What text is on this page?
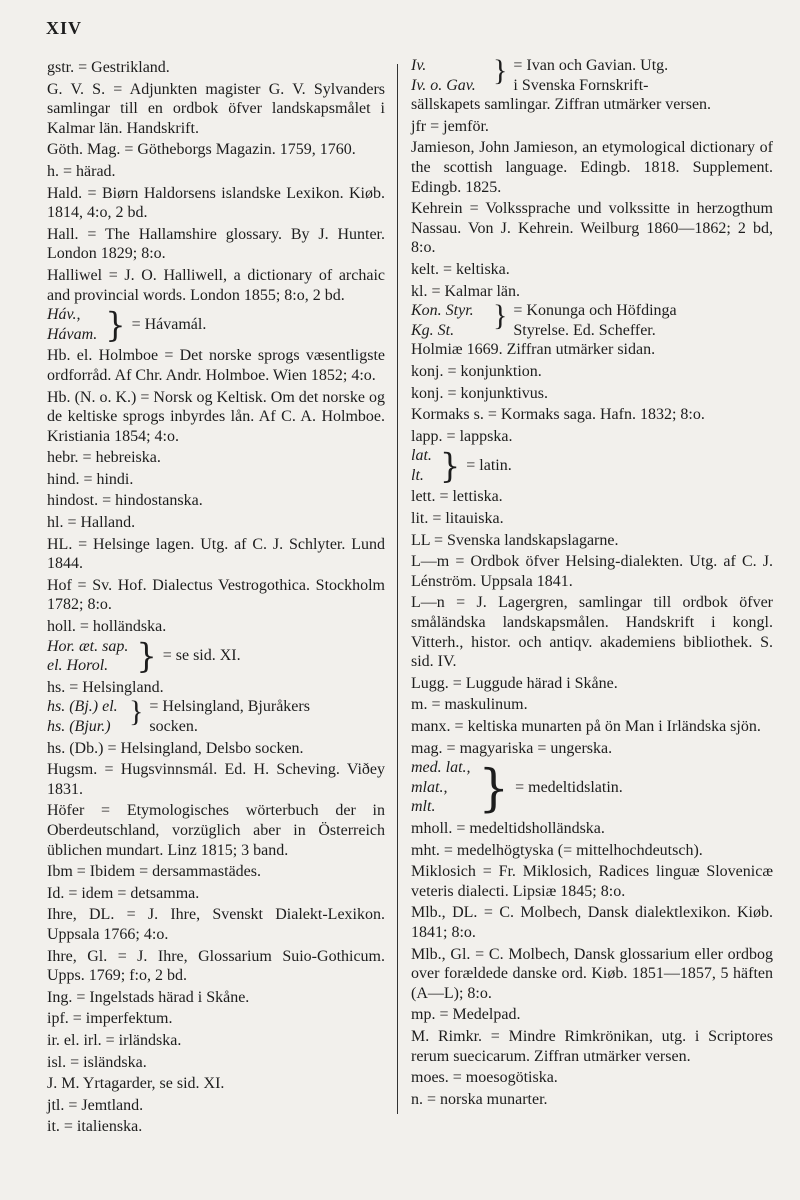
XIV

gstr. = Gestrikland.

G. V. S. = Adjunkten magister G. V. Sylvanders samlingar till en ordbok öfver landskapsmålet i Kalmar län. Handskrift.

Göth. Mag. = Götheborgs Magazin. 1759, 1760.

h. = härad.

Hald. = Biørn Haldorsens islandske Lexikon. Kiøb. 1814, 4:o, 2 bd.

Hall. = The Hallamshire glossary. By J. Hunter. London 1829; 8:o.

Halliwel = J. O. Halliwell, a dictionary of archaic and provincial words. London 1855; 8:o, 2 bd.

Háv.,
Hávam. } = Hávamál.

Hb. el. Holmboe = Det norske sprogs væsentligste ordforråd. Af Chr. Andr. Holmboe. Wien 1852; 4:o.

Hb. (N. o. K.) = Norsk og Keltisk. Om det norske og de keltiske sprogs inbyrdes lån. Af C. A. Holmboe. Kristiania 1854; 4:o.

hebr. = hebreiska.

hind. = hindi.

hindost. = hindostanska.

hl. = Halland.

HL. = Helsinge lagen. Utg. af C. J. Schlyter. Lund 1844.

Hof = Sv. Hof. Dialectus Vestrogothica. Stockholm 1782; 8:o.

holl. = holländska.

Hor. æt. sap.
el. Horol. } = se sid. XI.

hs. = Helsingland.

hs. (Bj.) el.
hs. (Bjur.) } = Helsingland, Bjuråkers
socken.

hs. (Db.) = Helsingland, Delsbo socken.

Hugsm. = Hugsvinnsmál. Ed. H. Scheving. Viðey 1831.

Höfer = Etymologisches wörterbuch der in Oberdeutschland, vorzüglich aber in Österreich üblichen mundart. Linz 1815; 3 band.

Ibm = Ibidem = dersammastädes.

Id. = idem = detsamma.

Ihre, DL. = J. Ihre, Svenskt Dialekt-Lexikon. Uppsala 1766; 4:o.

Ihre, Gl. = J. Ihre, Glossarium Suio-Gothicum. Upps. 1769; f:o, 2 bd.

Ing. = Ingelstads härad i Skåne.

ipf. = imperfektum.

ir. el. irl. = irländska.

isl. = isländska.

J. M. Yrtagarder, se sid. XI.

jtl. = Jemtland.

it. = italienska.

Iv.
Iv. o. Gav. } = Ivan och Gavian. Utg.
i Svenska Fornskrift-

sällskapets samlingar. Ziffran utmärker versen.

jfr = jemför.

Jamieson, John Jamieson, an etymological dictionary of the scottish language. Edingb. 1818. Supplement. Edingb. 1825.

Kehrein = Volkssprache und volkssitte in herzogthum Nassau. Von J. Kehrein. Weilburg 1860—1862; 2 bd, 8:o.

kelt. = keltiska.

kl. = Kalmar län.

Kon. Styr.
Kg. St.	} = Konunga och Höfdinga
Styrelse. Ed. Scheffer.

Holmiæ 1669. Ziffran utmärker sidan.

konj. = konjunktion.

konj. = konjunktivus.

Kormaks s. = Kormaks saga. Hafn. 1832; 8:o.

lapp. = lappska.

lat.
lt. } = latin.

lett. = lettiska.

lit. = litauiska.

LL = Svenska landskapslagarne.

L—m = Ordbok öfver Helsing-dialekten. Utg. af C. J. Lénström. Uppsala 1841.

L—n = J. Lagergren, samlingar till ordbok öfver småländska landskapsmålen. Handskrift i kongl. Vitterh., histor. och antiqv. akademiens bibliothek. S. sid. IV.

Lugg. = Luggude härad i Skåne.

m. = maskulinum.

manx. = keltiska munarten på ön Man i Irländska sjön.

mag. = magyariska = ungerska.

med. lat.,
mlat.,
mlt. } = medeltidslatin.

mholl. = medeltidsholländska.

mht. = medelhögtyska (= mittelhochdeutsch).

Miklosich = Fr. Miklosich, Radices linguæ Slovenicæ veteris dialecti. Lipsiæ 1845; 8:o.

Mlb., DL. = C. Molbech, Dansk dialektlexikon. Kiøb. 1841; 8:o.

Mlb., Gl. = C. Molbech, Dansk glossarium eller ordbog over forældede danske ord. Kiøb. 1851—1857, 5 häften (A—L); 8:o.

mp. = Medelpad.

M. Rimkr. = Mindre Rimkrönikan, utg. i Scriptores rerum suecicarum. Ziffran utmärker versen.

moes. = moesogötiska.

n. = norska munarter.
